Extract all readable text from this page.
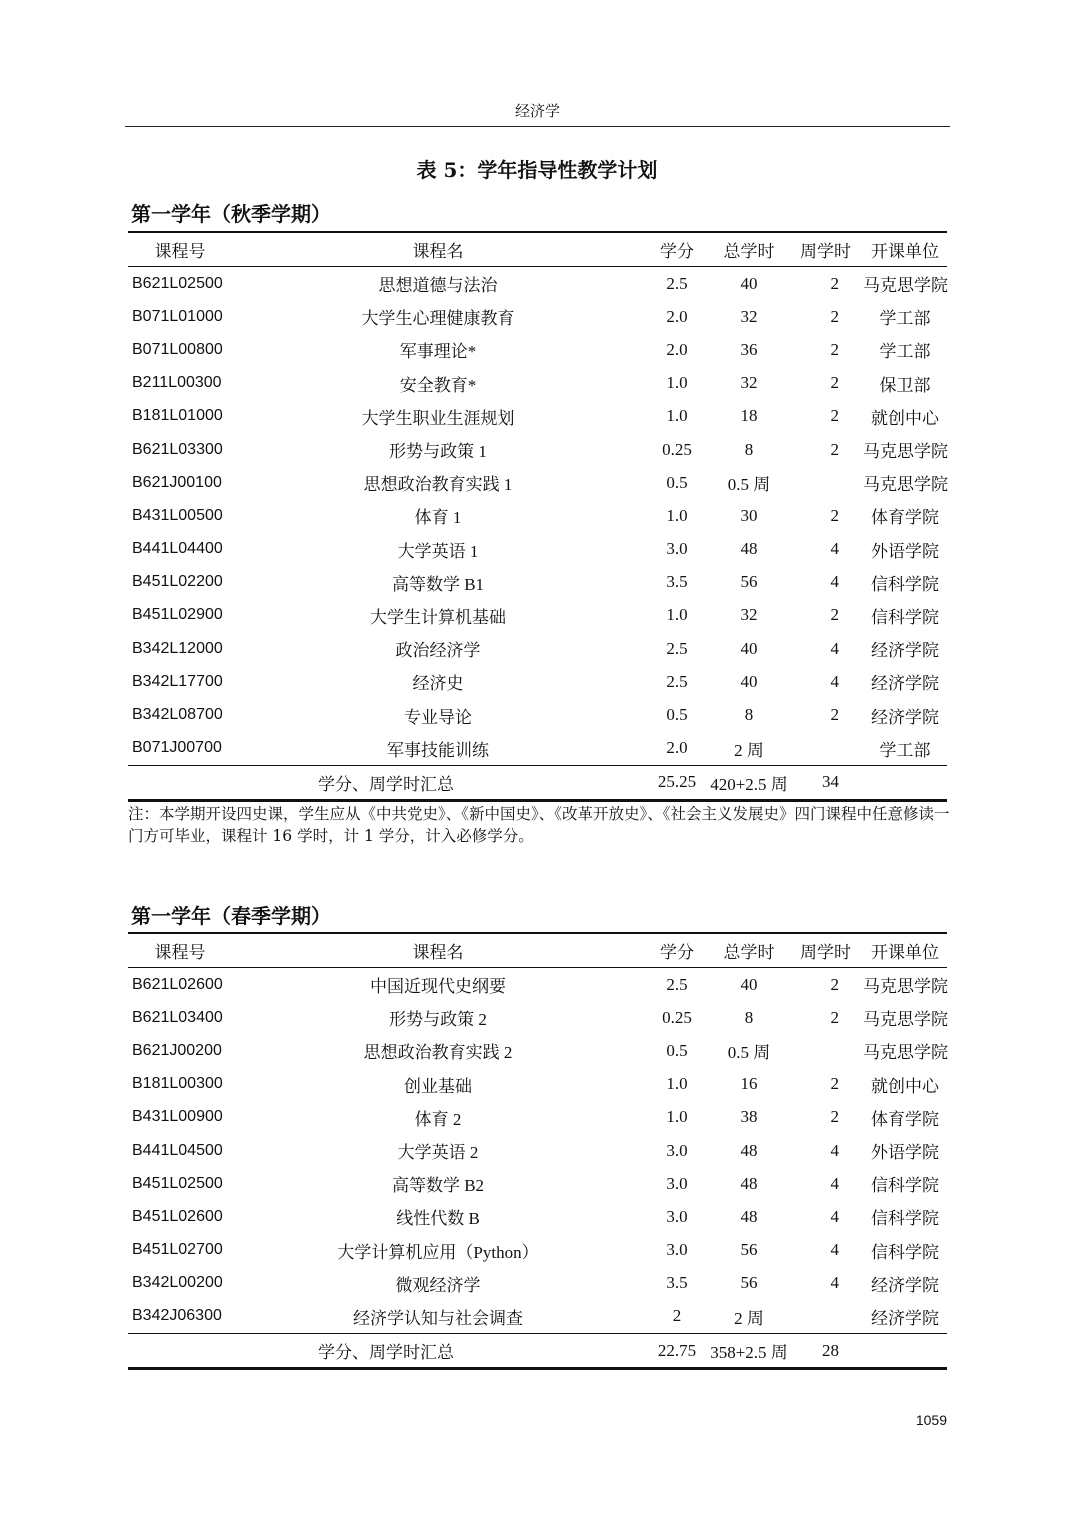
经济学
表 5：学年指导性教学计划
第一学年（秋季学期）
课程号	课程名	学分	总学时	周学时	开课单位
B621L02500	思想道德与法治	2.5	40	2	马克思学院
B071L01000	大学生心理健康教育	2.0	32	2	学工部
B071L00800	军事理论*	2.0	36	2	学工部
B211L00300	安全教育*	1.0	32	2	保卫部
B181L01000	大学生职业生涯规划	1.0	18	2	就创中心
B621L03300	形势与政策 1	0.25	8	2	马克思学院
B621J00100	思想政治教育实践 1	0.5	0.5 周		马克思学院
B431L00500	体育 1	1.0	30	2	体育学院
B441L04400	大学英语 1	3.0	48	4	外语学院
B451L02200	高等数学 B1	3.5	56	4	信科学院
B451L02900	大学生计算机基础	1.0	32	2	信科学院
B342L12000	政治经济学	2.5	40	4	经济学院
B342L17700	经济史	2.5	40	4	经济学院
B342L08700	专业导论	0.5	8	2	经济学院
B071J00700	军事技能训练	2.0	2 周		学工部
学分、周学时汇总		25.25	420+2.5 周	34	
注：本学期开设四史课，学生应从《中共党史》、《新中国史》、《改革开放史》、《社会主义发展史》四门课程中任意修读一门方可毕业，课程计 16 学时，计 1 学分，计入必修学分。
第一学年（春季学期）
课程号	课程名	学分	总学时	周学时	开课单位
B621L02600	中国近现代史纲要	2.5	40	2	马克思学院
B621L03400	形势与政策 2	0.25	8	2	马克思学院
B621J00200	思想政治教育实践 2	0.5	0.5 周		马克思学院
B181L00300	创业基础	1.0	16	2	就创中心
B431L00900	体育 2	1.0	38	2	体育学院
B441L04500	大学英语 2	3.0	48	4	外语学院
B451L02500	高等数学 B2	3.0	48	4	信科学院
B451L02600	线性代数 B	3.0	48	4	信科学院
B451L02700	大学计算机应用（Python）	3.0	56	4	信科学院
B342L00200	微观经济学	3.5	56	4	经济学院
B342J06300	经济学认知与社会调查	2	2 周		经济学院
学分、周学时汇总		22.75	358+2.5 周	28	
1059
